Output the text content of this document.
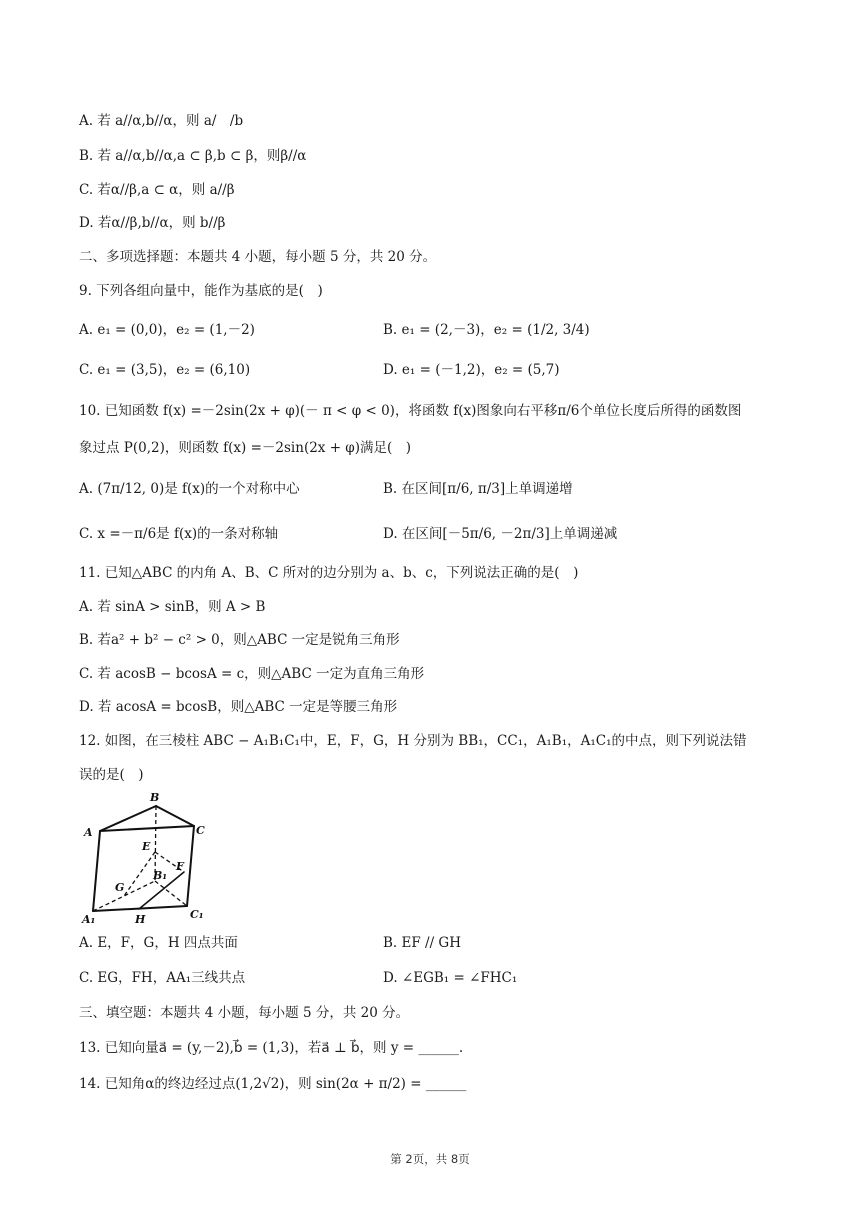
A. 若 a//α,b//α，则 a/　/b
B. 若 a//α,b//α,a ⊂ β,b ⊂ β，则β//α
C. 若α//β,a ⊂ α，则 a//β
D. 若α//β,b//α，则 b//β
二、多项选择题：本题共 4 小题，每小题 5 分，共 20 分。
9. 下列各组向量中，能作为基底的是(　)
A. e₁ = (0,0)，e₂ = (1,－2)	B. e₁ = (2,－3)，e₂ = (1/2, 3/4)
C. e₁ = (3,5)，e₂ = (6,10)	D. e₁ = (－1,2)，e₂ = (5,7)
10. 已知函数 f(x) =－2sin(2x + φ)(－ π < φ < 0)，将函数 f(x)图象向右平移π/6个单位长度后所得的函数图
象过点 P(0,2)，则函数 f(x) =－2sin(2x + φ)满足(　)
A. (7π/12, 0)是 f(x)的一个对称中心	B. 在区间[π/6, π/3]上单调递增
C. x =－π/6是 f(x)的一条对称轴	D. 在区间[－5π/6, －2π/3]上单调递减
11. 已知△ABC 的内角 A、B、C 所对的边分别为 a、b、c，下列说法正确的是(　)
A. 若 sinA > sinB，则 A > B
B. 若a² + b² − c² > 0，则△ABC 一定是锐角三角形
C. 若 acosB − bcosA = c，则△ABC 一定为直角三角形
D. 若 acosA = bcosB，则△ABC 一定是等腰三角形
12. 如图，在三棱柱 ABC − A₁B₁C₁中，E，F，G，H 分别为 BB₁，CC₁，A₁B₁，A₁C₁的中点，则下列说法错
误的是(　)
B
A	C
E
F
G
B₁
A₁	H	C₁
A. E，F，G，H 四点共面	B. EF // GH
C. EG，FH，AA₁三线共点	D. ∠EGB₁ = ∠FHC₁
三、填空题：本题共 4 小题，每小题 5 分，共 20 分。
13. 已知向量a⃗ = (y,－2),b⃗ = (1,3)，若a⃗ ⊥ b⃗，则 y = ______.
14. 已知角α的终边经过点(1,2√2)，则 sin(2α + π/2) = ______
第 2页，共 8页
